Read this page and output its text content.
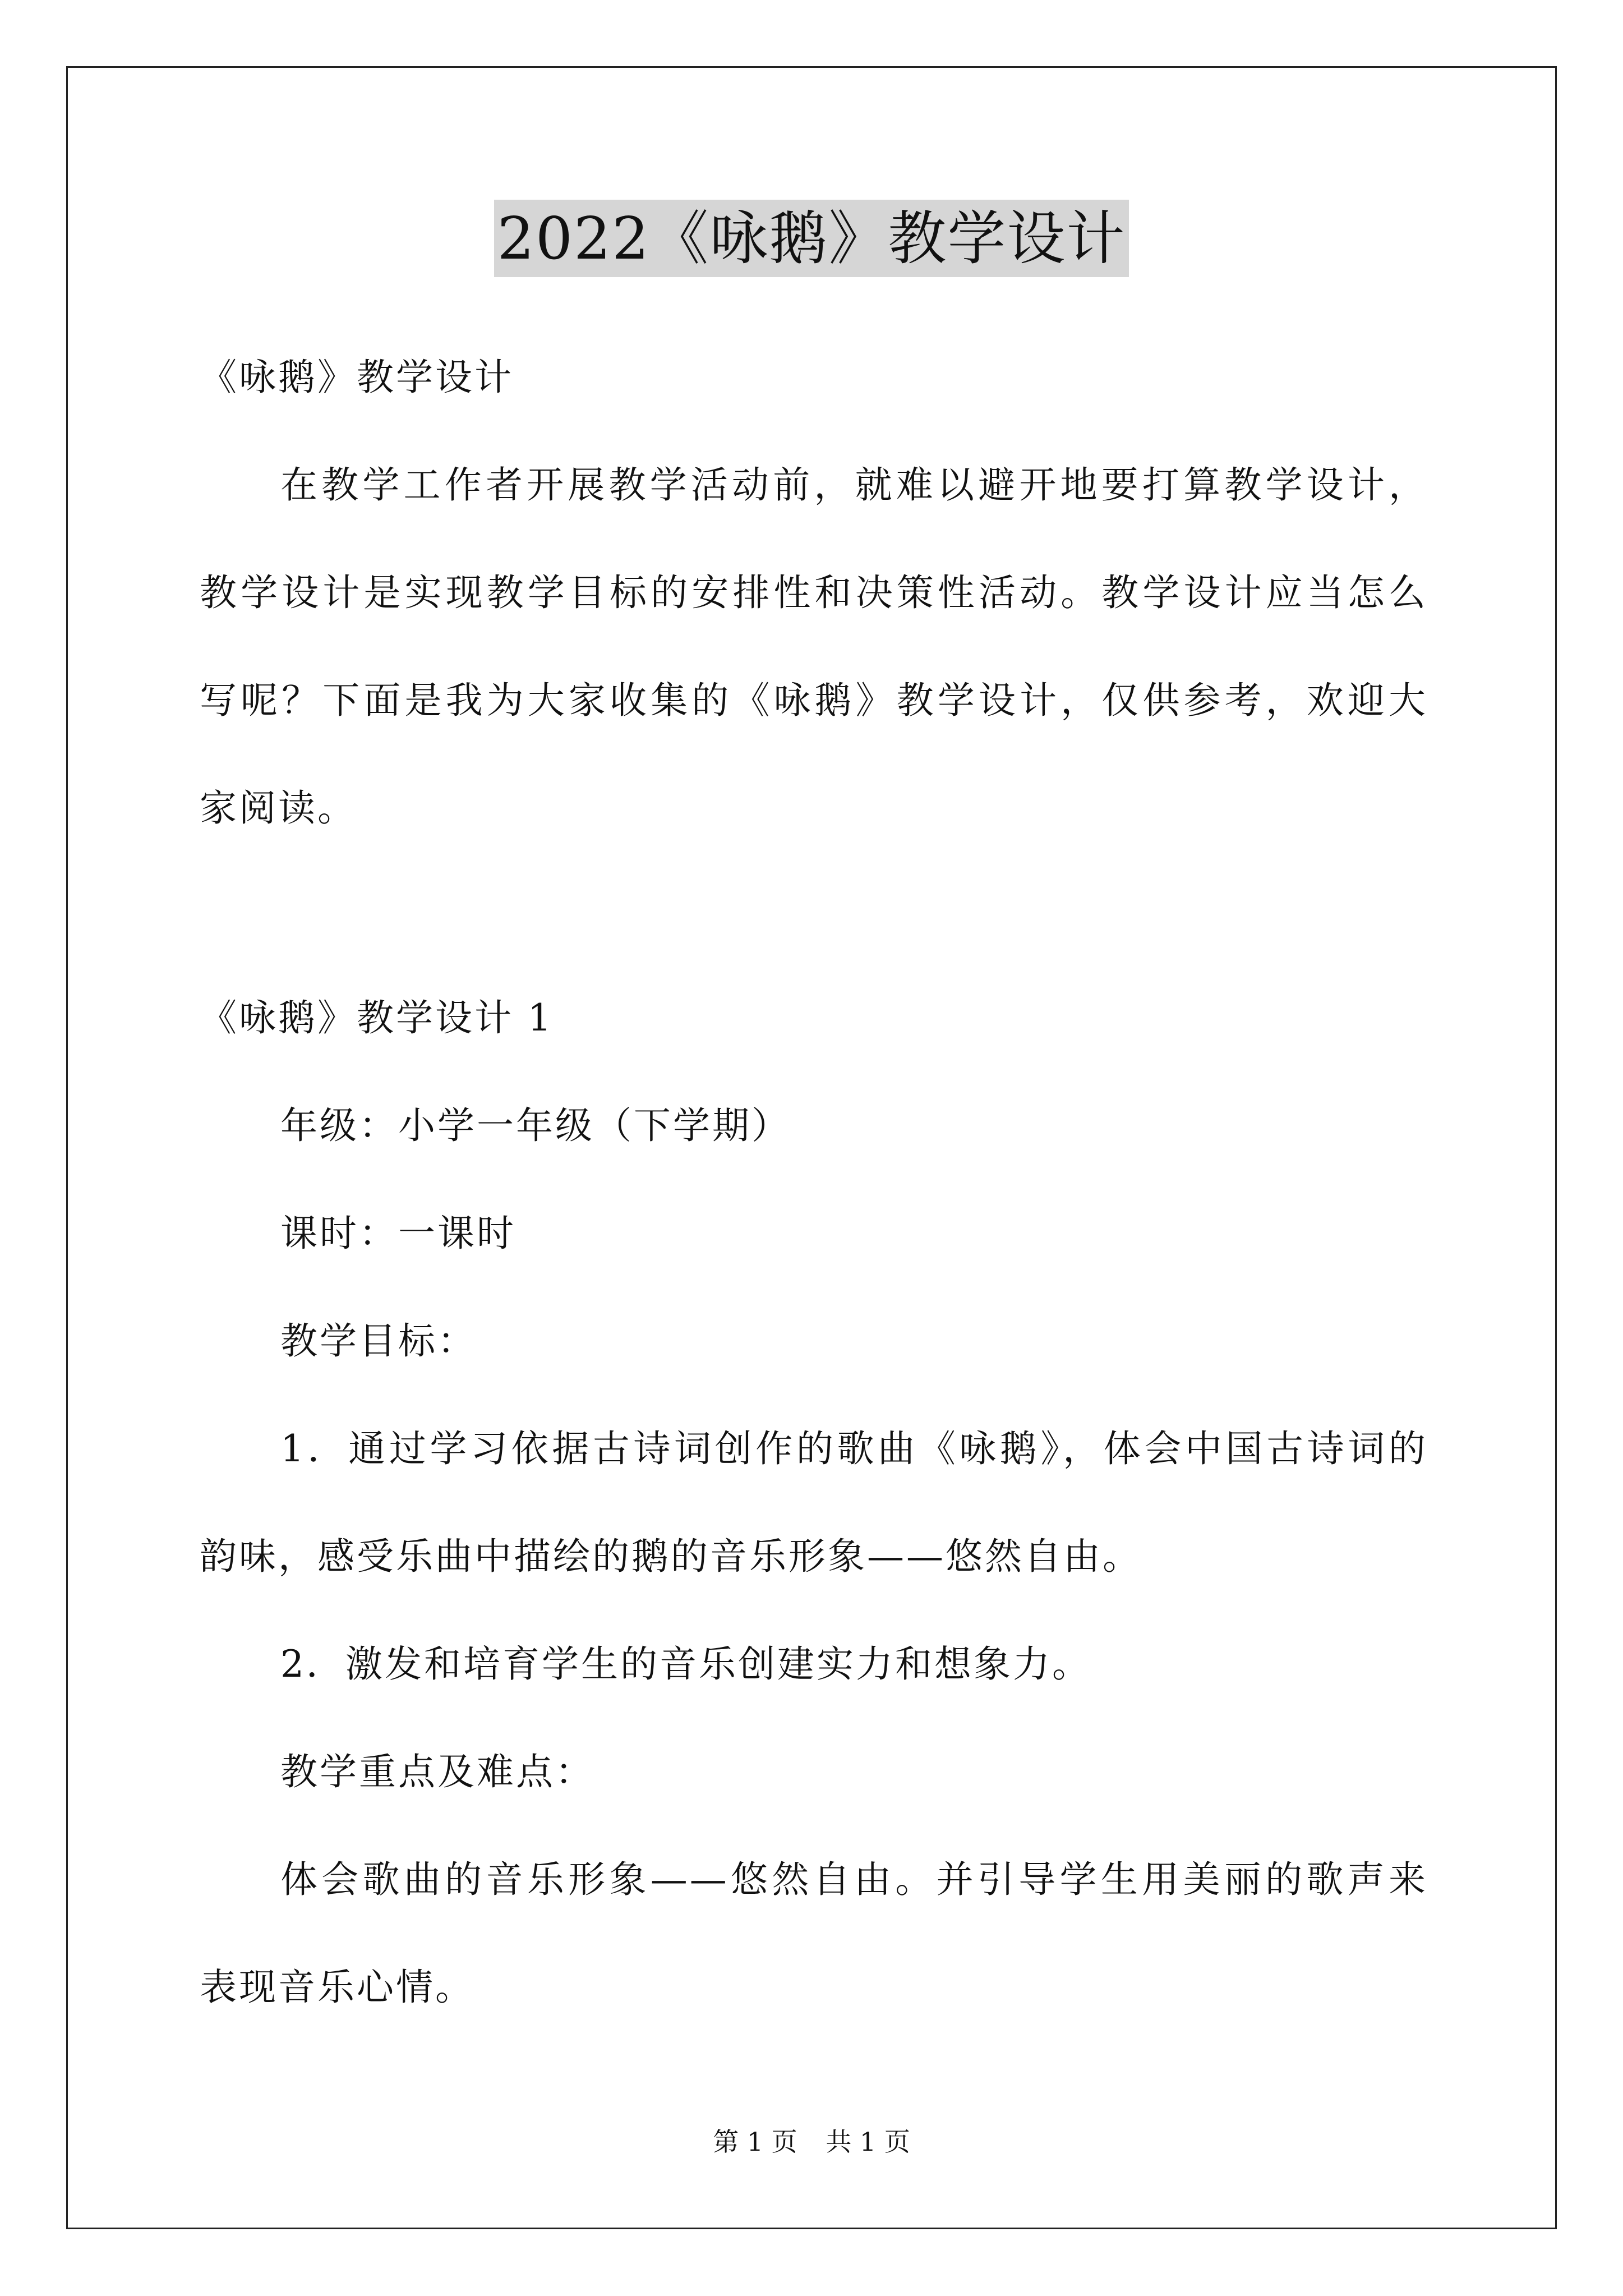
2022《咏鹅》教学设计
《咏鹅》教学设计
在教学工作者开展教学活动前，就难以避开地要打算教学设计，
教学设计是实现教学目标的安排性和决策性活动。教学设计应当怎么
写呢？下面是我为大家收集的《咏鹅》教学设计，仅供参考，欢迎大
家阅读。
《咏鹅》教学设计 1
年级：小学一年级（下学期）
课时：一课时
教学目标：
1．通过学习依据古诗词创作的歌曲《咏鹅》，体会中国古诗词的
韵味，感受乐曲中描绘的鹅的音乐形象——悠然自由。
2．激发和培育学生的音乐创建实力和想象力。
教学重点及难点：
体会歌曲的音乐形象——悠然自由。并引导学生用美丽的歌声来
表现音乐心情。
第 1 页 共 1 页
